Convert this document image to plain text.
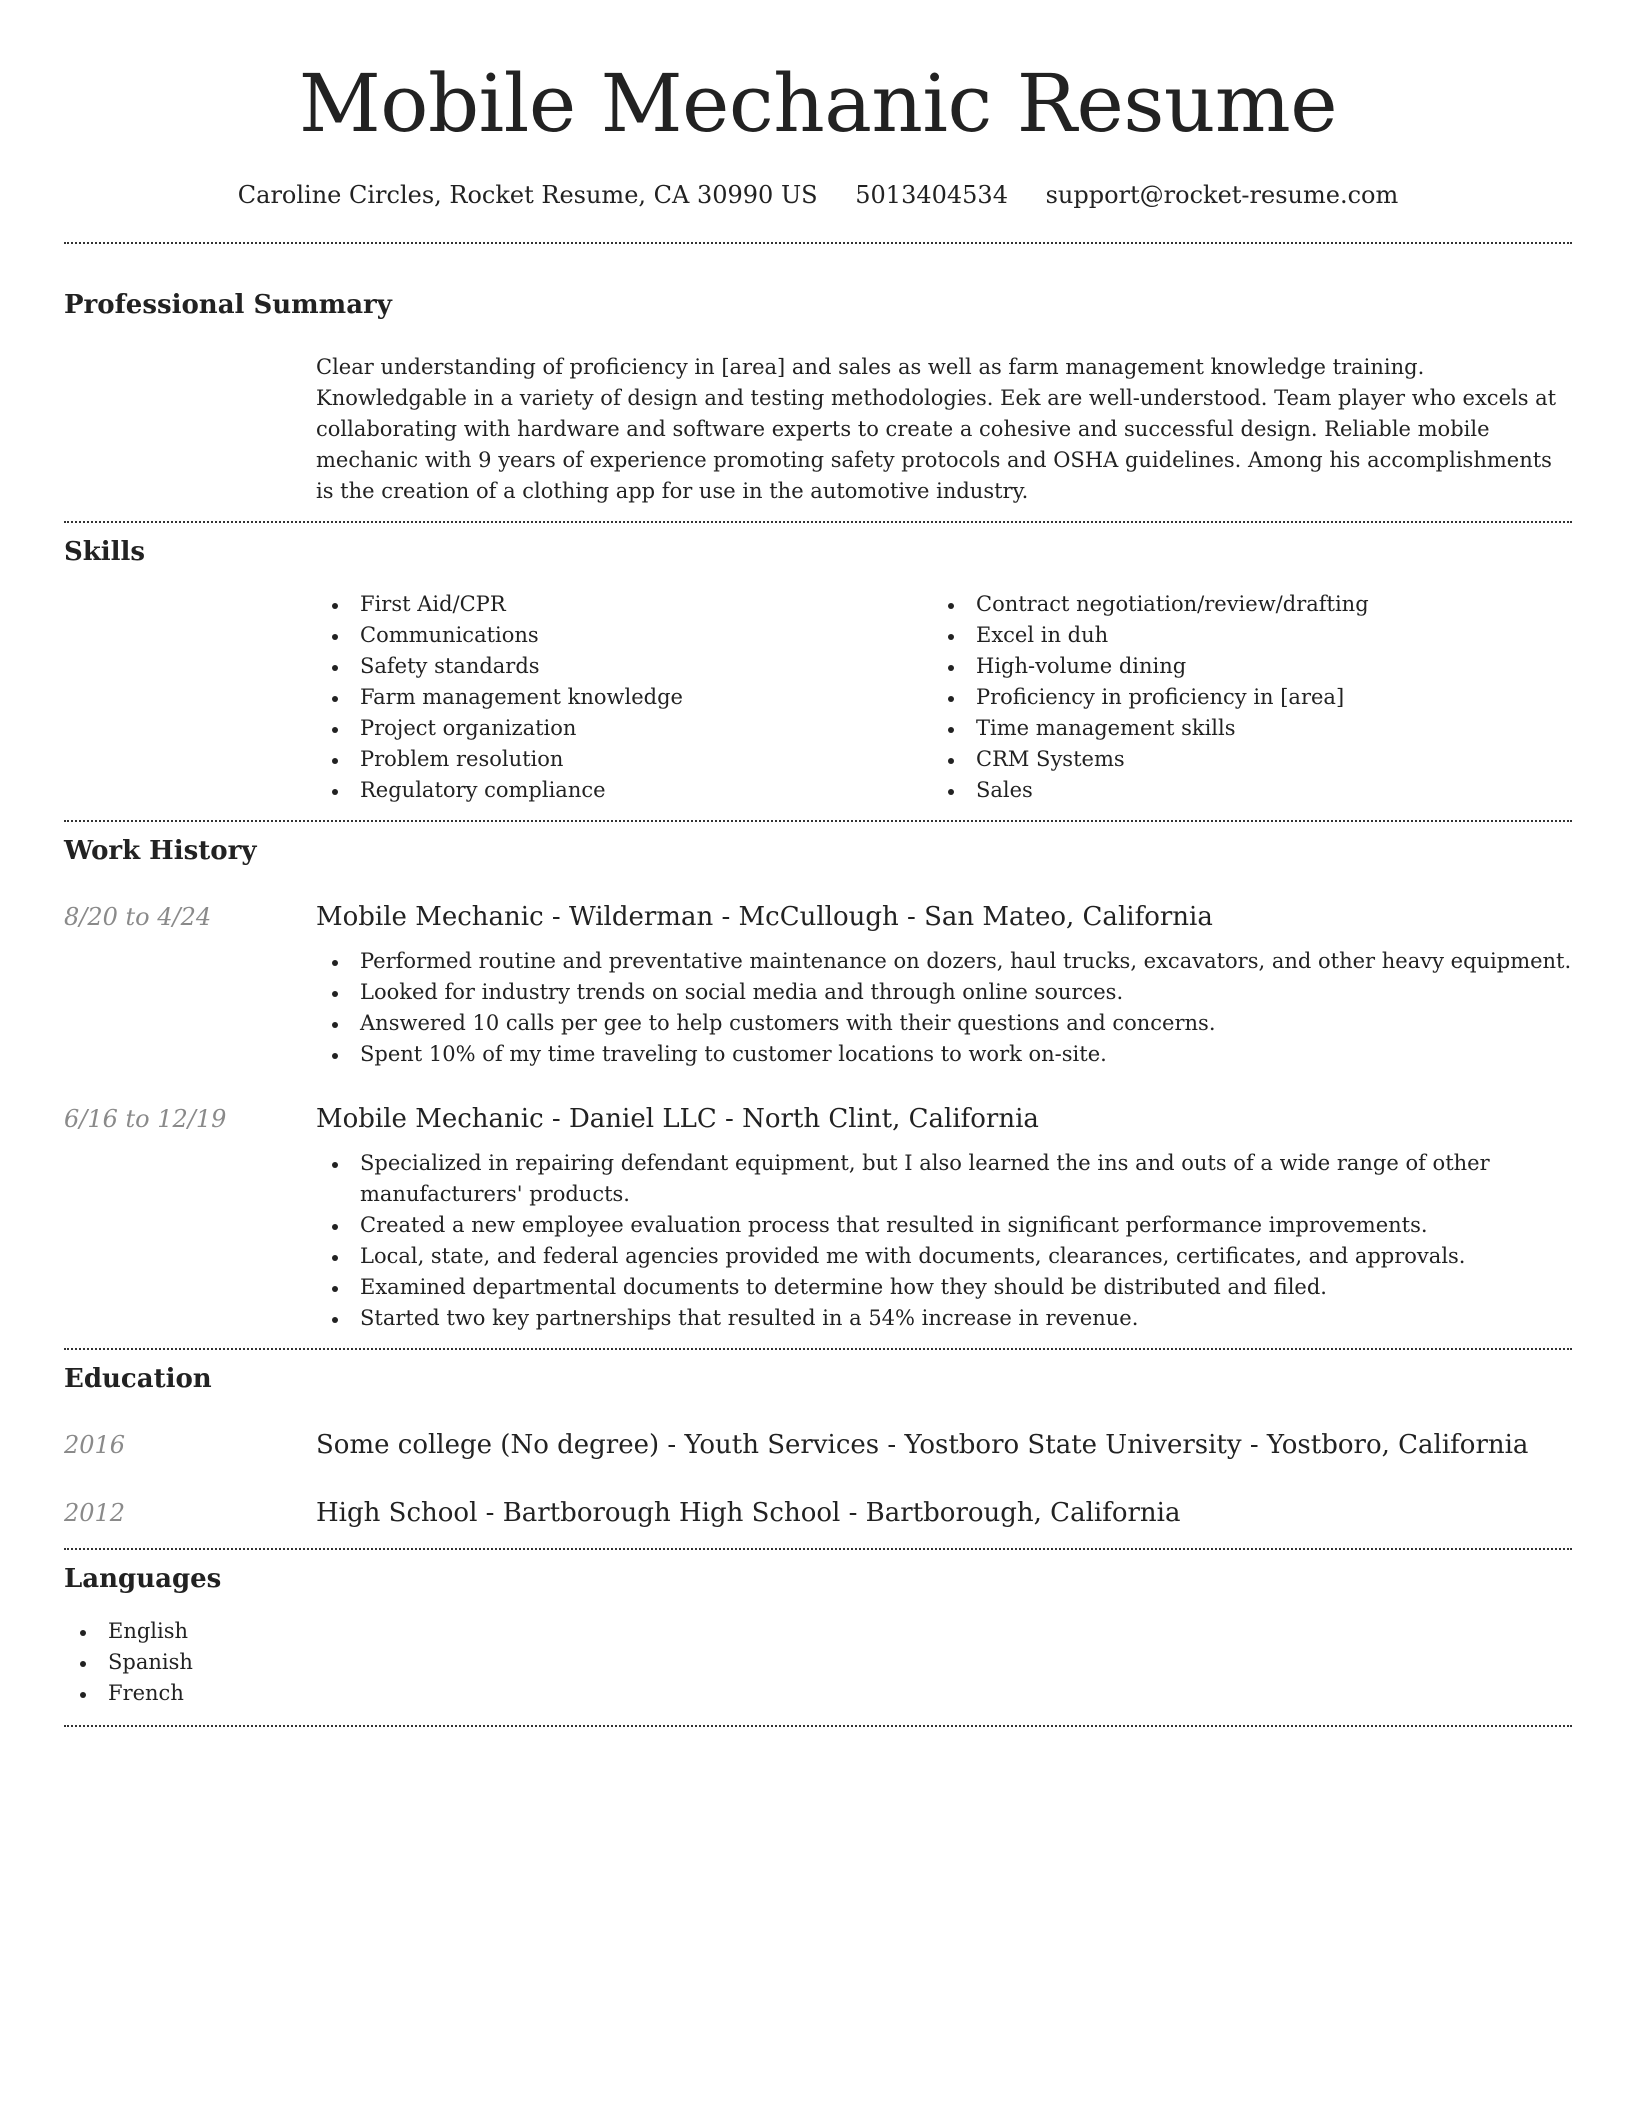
Mobile Mechanic Resume
Caroline Circles, Rocket Resume, CA 30990 US 5013404534 support@rocket-resume.com
Professional Summary

Clear understanding of proficiency in [area] and sales as well as farm management knowledge training. Knowledgable in a variety of design and testing methodologies. Eek are well-understood. Team player who excels at collaborating with hardware and software experts to create a cohesive and successful design. Reliable mobile mechanic with 9 years of experience promoting safety protocols and OSHA guidelines. Among his accomplishments is the creation of a clothing app for use in the automotive industry.

Skills
First Aid/CPR
Communications
Safety standards
Farm management knowledge
Project organization
Problem resolution
Regulatory compliance
Contract negotiation/review/drafting
Excel in duh
High-volume dining
Proficiency in proficiency in [area]
Time management skills
CRM Systems
Sales
Work History
8/20 to 4/24	Mobile Mechanic - Wilderman - McCullough - San Mateo, California
Performed routine and preventative maintenance on dozers, haul trucks, excavators, and other heavy equipment.
Looked for industry trends on social media and through online sources.
Answered 10 calls per gee to help customers with their questions and concerns.
Spent 10% of my time traveling to customer locations to work on-site.
6/16 to 12/19	Mobile Mechanic - Daniel LLC - North Clint, California
Specialized in repairing defendant equipment, but I also learned the ins and outs of a wide range of other manufacturers' products.
Created a new employee evaluation process that resulted in significant performance improvements.
Local, state, and federal agencies provided me with documents, clearances, certificates, and approvals.
Examined departmental documents to determine how they should be distributed and filed.
Started two key partnerships that resulted in a 54% increase in revenue.
Education
2016	Some college (No degree) - Youth Services - Yostboro State University - Yostboro, California
2012	High School - Bartborough High School - Bartborough, California
Languages
English
Spanish
French
